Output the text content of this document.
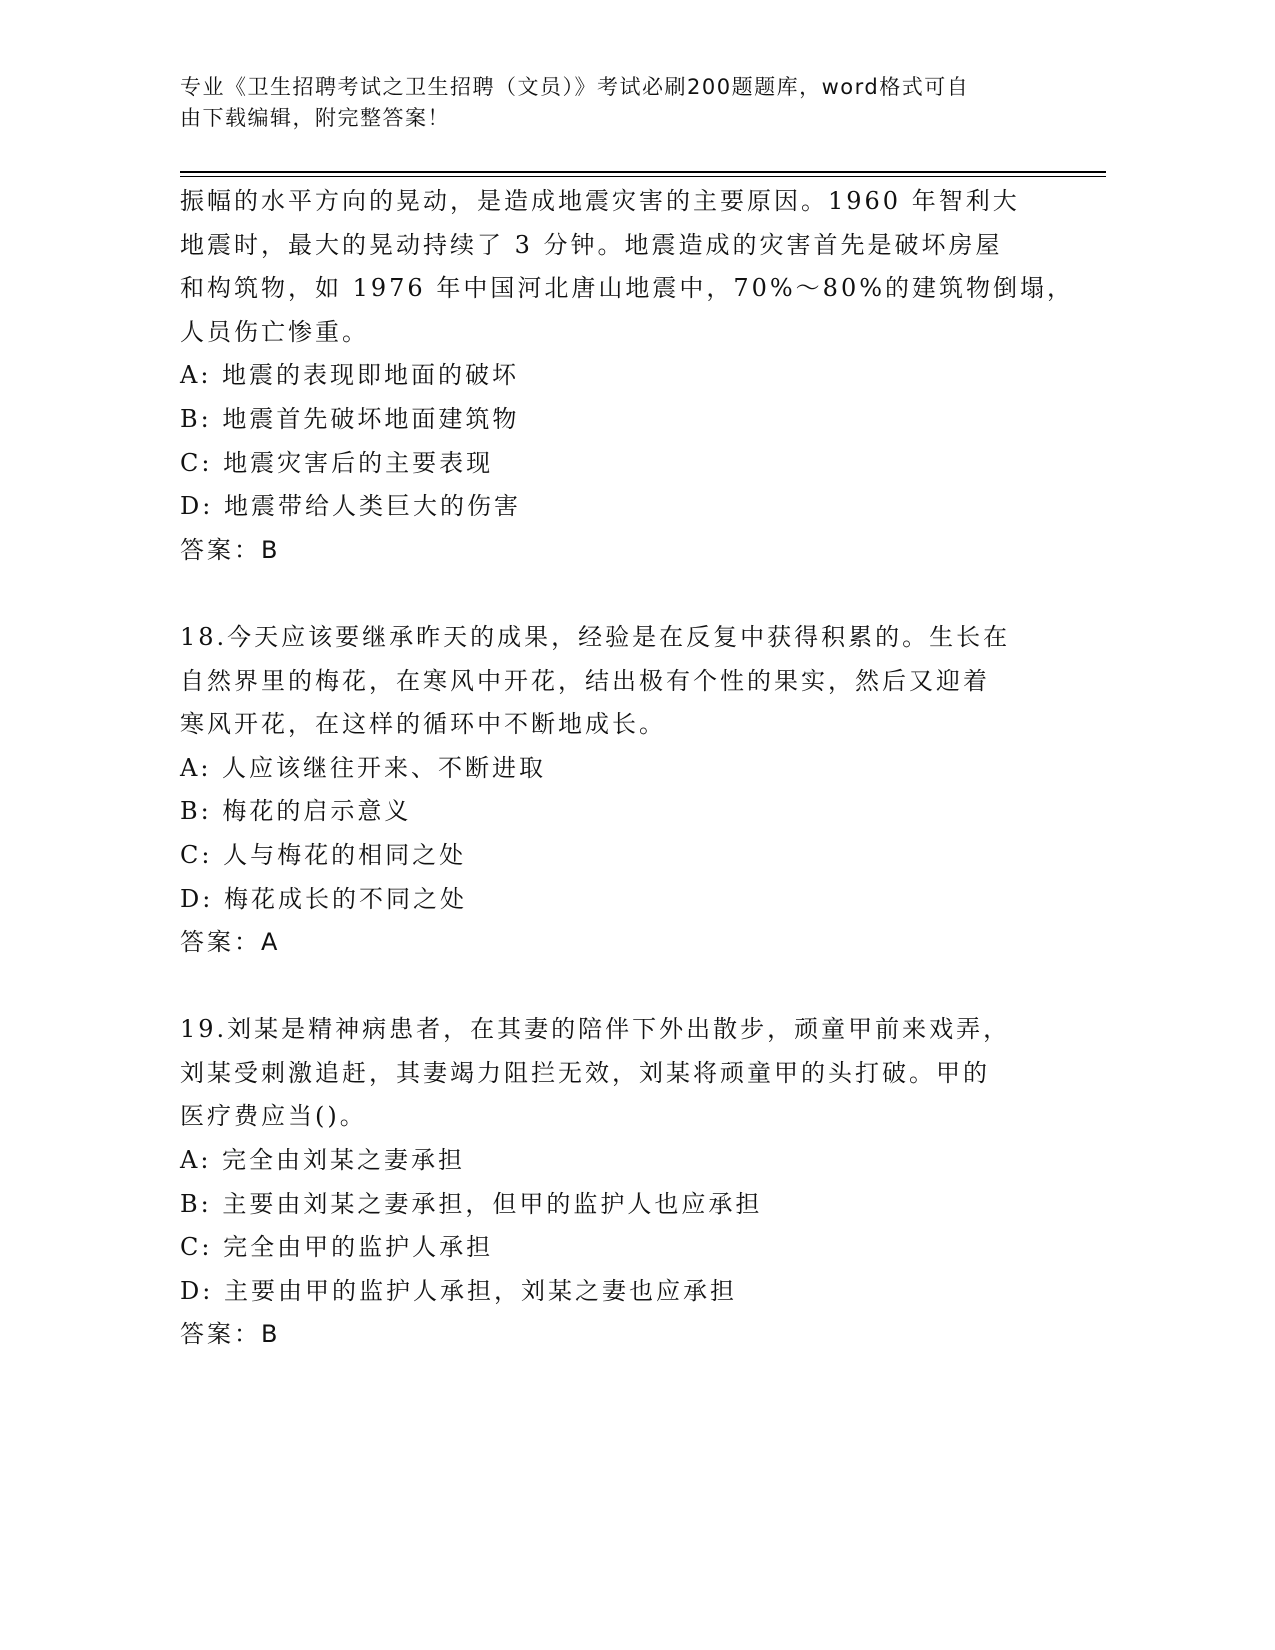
专业《卫生招聘考试之卫生招聘（文员）》考试必刷200题题库，word格式可自
由下载编辑，附完整答案！
振幅的水平方向的晃动，是造成地震灾害的主要原因。1960 年智利大
地震时，最大的晃动持续了 3 分钟。地震造成的灾害首先是破坏房屋
和构筑物，如 1976 年中国河北唐山地震中，70%～80%的建筑物倒塌，
人员伤亡惨重。
A: 地震的表现即地面的破坏
B: 地震首先破坏地面建筑物
C: 地震灾害后的主要表现
D: 地震带给人类巨大的伤害
答案：B
18.今天应该要继承昨天的成果，经验是在反复中获得积累的。生长在
自然界里的梅花，在寒风中开花，结出极有个性的果实，然后又迎着
寒风开花，在这样的循环中不断地成长。
A: 人应该继往开来、不断进取
B: 梅花的启示意义
C: 人与梅花的相同之处
D: 梅花成长的不同之处
答案：A
19.刘某是精神病患者，在其妻的陪伴下外出散步，顽童甲前来戏弄，
刘某受刺激追赶，其妻竭力阻拦无效，刘某将顽童甲的头打破。甲的
医疗费应当()。
A: 完全由刘某之妻承担
B: 主要由刘某之妻承担，但甲的监护人也应承担
C: 完全由甲的监护人承担
D: 主要由甲的监护人承担，刘某之妻也应承担
答案：B
